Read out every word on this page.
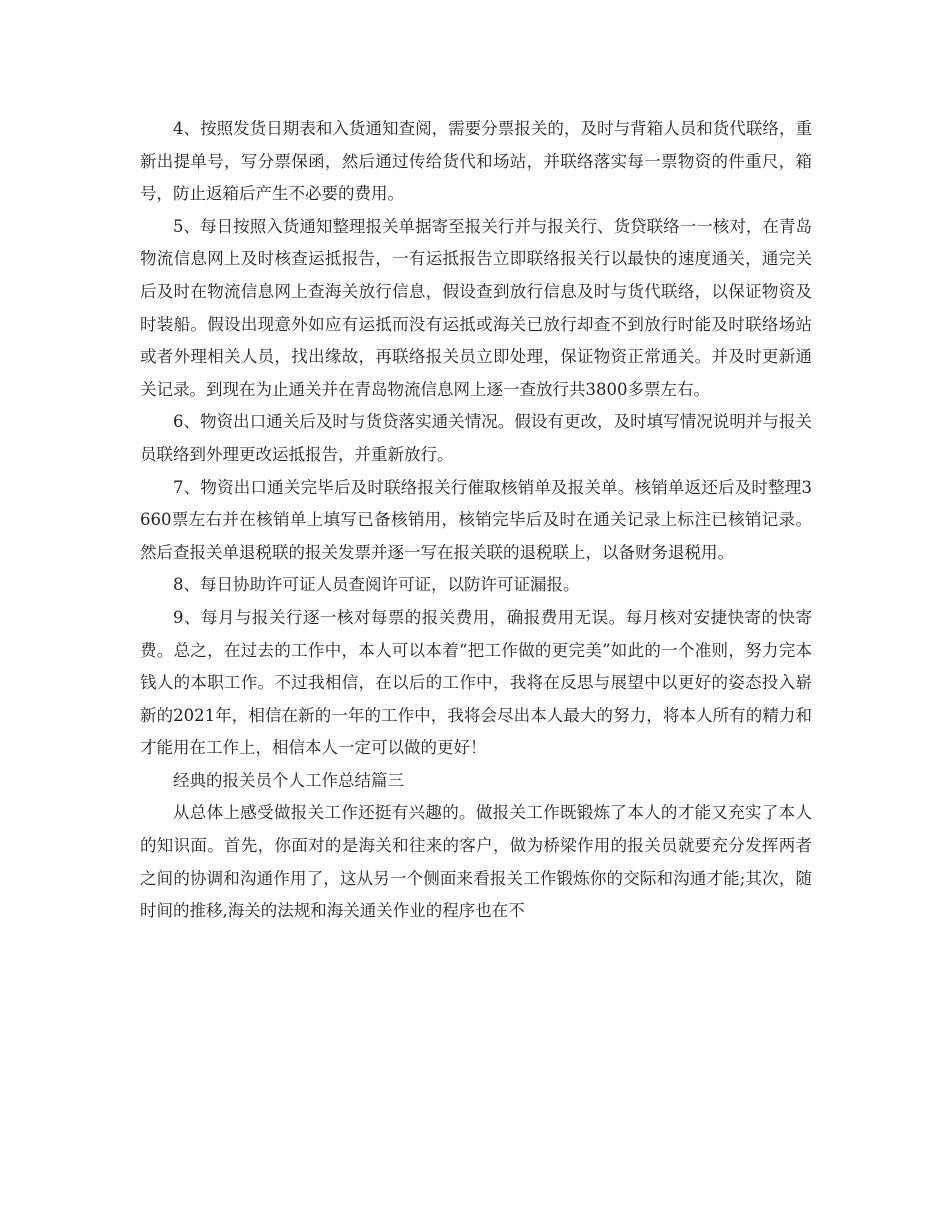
4、按照发货日期表和入货通知查阅，需要分票报关的，及时与背箱人员和货代联络，重新出提单号，写分票保函，然后通过传给货代和场站，并联络落实每一票物资的件重尺，箱号，防止返箱后产生不必要的费用。

5、每日按照入货通知整理报关单据寄至报关行并与报关行、货贷联络一一核对，在青岛物流信息网上及时核查运抵报告，一有运抵报告立即联络报关行以最快的速度通关，通完关后及时在物流信息网上查海关放行信息，假设查到放行信息及时与货代联络，以保证物资及时装船。假设出现意外如应有运抵而没有运抵或海关已放行却查不到放行时能及时联络场站或者外理相关人员，找出缘故，再联络报关员立即处理，保证物资正常通关。并及时更新通关记录。到现在为止通关并在青岛物流信息网上逐一查放行共3800多票左右。

6、物资出口通关后及时与货贷落实通关情况。假设有更改，及时填写情况说明并与报关员联络到外理更改运抵报告，并重新放行。

7、物资出口通关完毕后及时联络报关行催取核销单及报关单。核销单返还后及时整理3660票左右并在核销单上填写已备核销用，核销完毕后及时在通关记录上标注已核销记录。然后查报关单退税联的报关发票并逐一写在报关联的退税联上，以备财务退税用。

8、每日协助许可证人员查阅许可证，以防许可证漏报。

9、每月与报关行逐一核对每票的报关费用，确报费用无误。每月核对安捷快寄的快寄费。总之，在过去的工作中，本人可以本着“把工作做的更完美”如此的一个准则，努力完本钱人的本职工作。不过我相信，在以后的工作中，我将在反思与展望中以更好的姿态投入崭新的2021年，相信在新的一年的工作中，我将会尽出本人最大的努力，将本人所有的精力和才能用在工作上，相信本人一定可以做的更好！

经典的报关员个人工作总结篇三

从总体上感受做报关工作还挺有兴趣的。做报关工作既锻炼了本人的才能又充实了本人的知识面。首先，你面对的是海关和往来的客户，做为桥梁作用的报关员就要充分发挥两者之间的协调和沟通作用了，这从另一个侧面来看报关工作锻炼你的交际和沟通才能;其次，随时间的推移,海关的法规和海关通关作业的程序也在不
